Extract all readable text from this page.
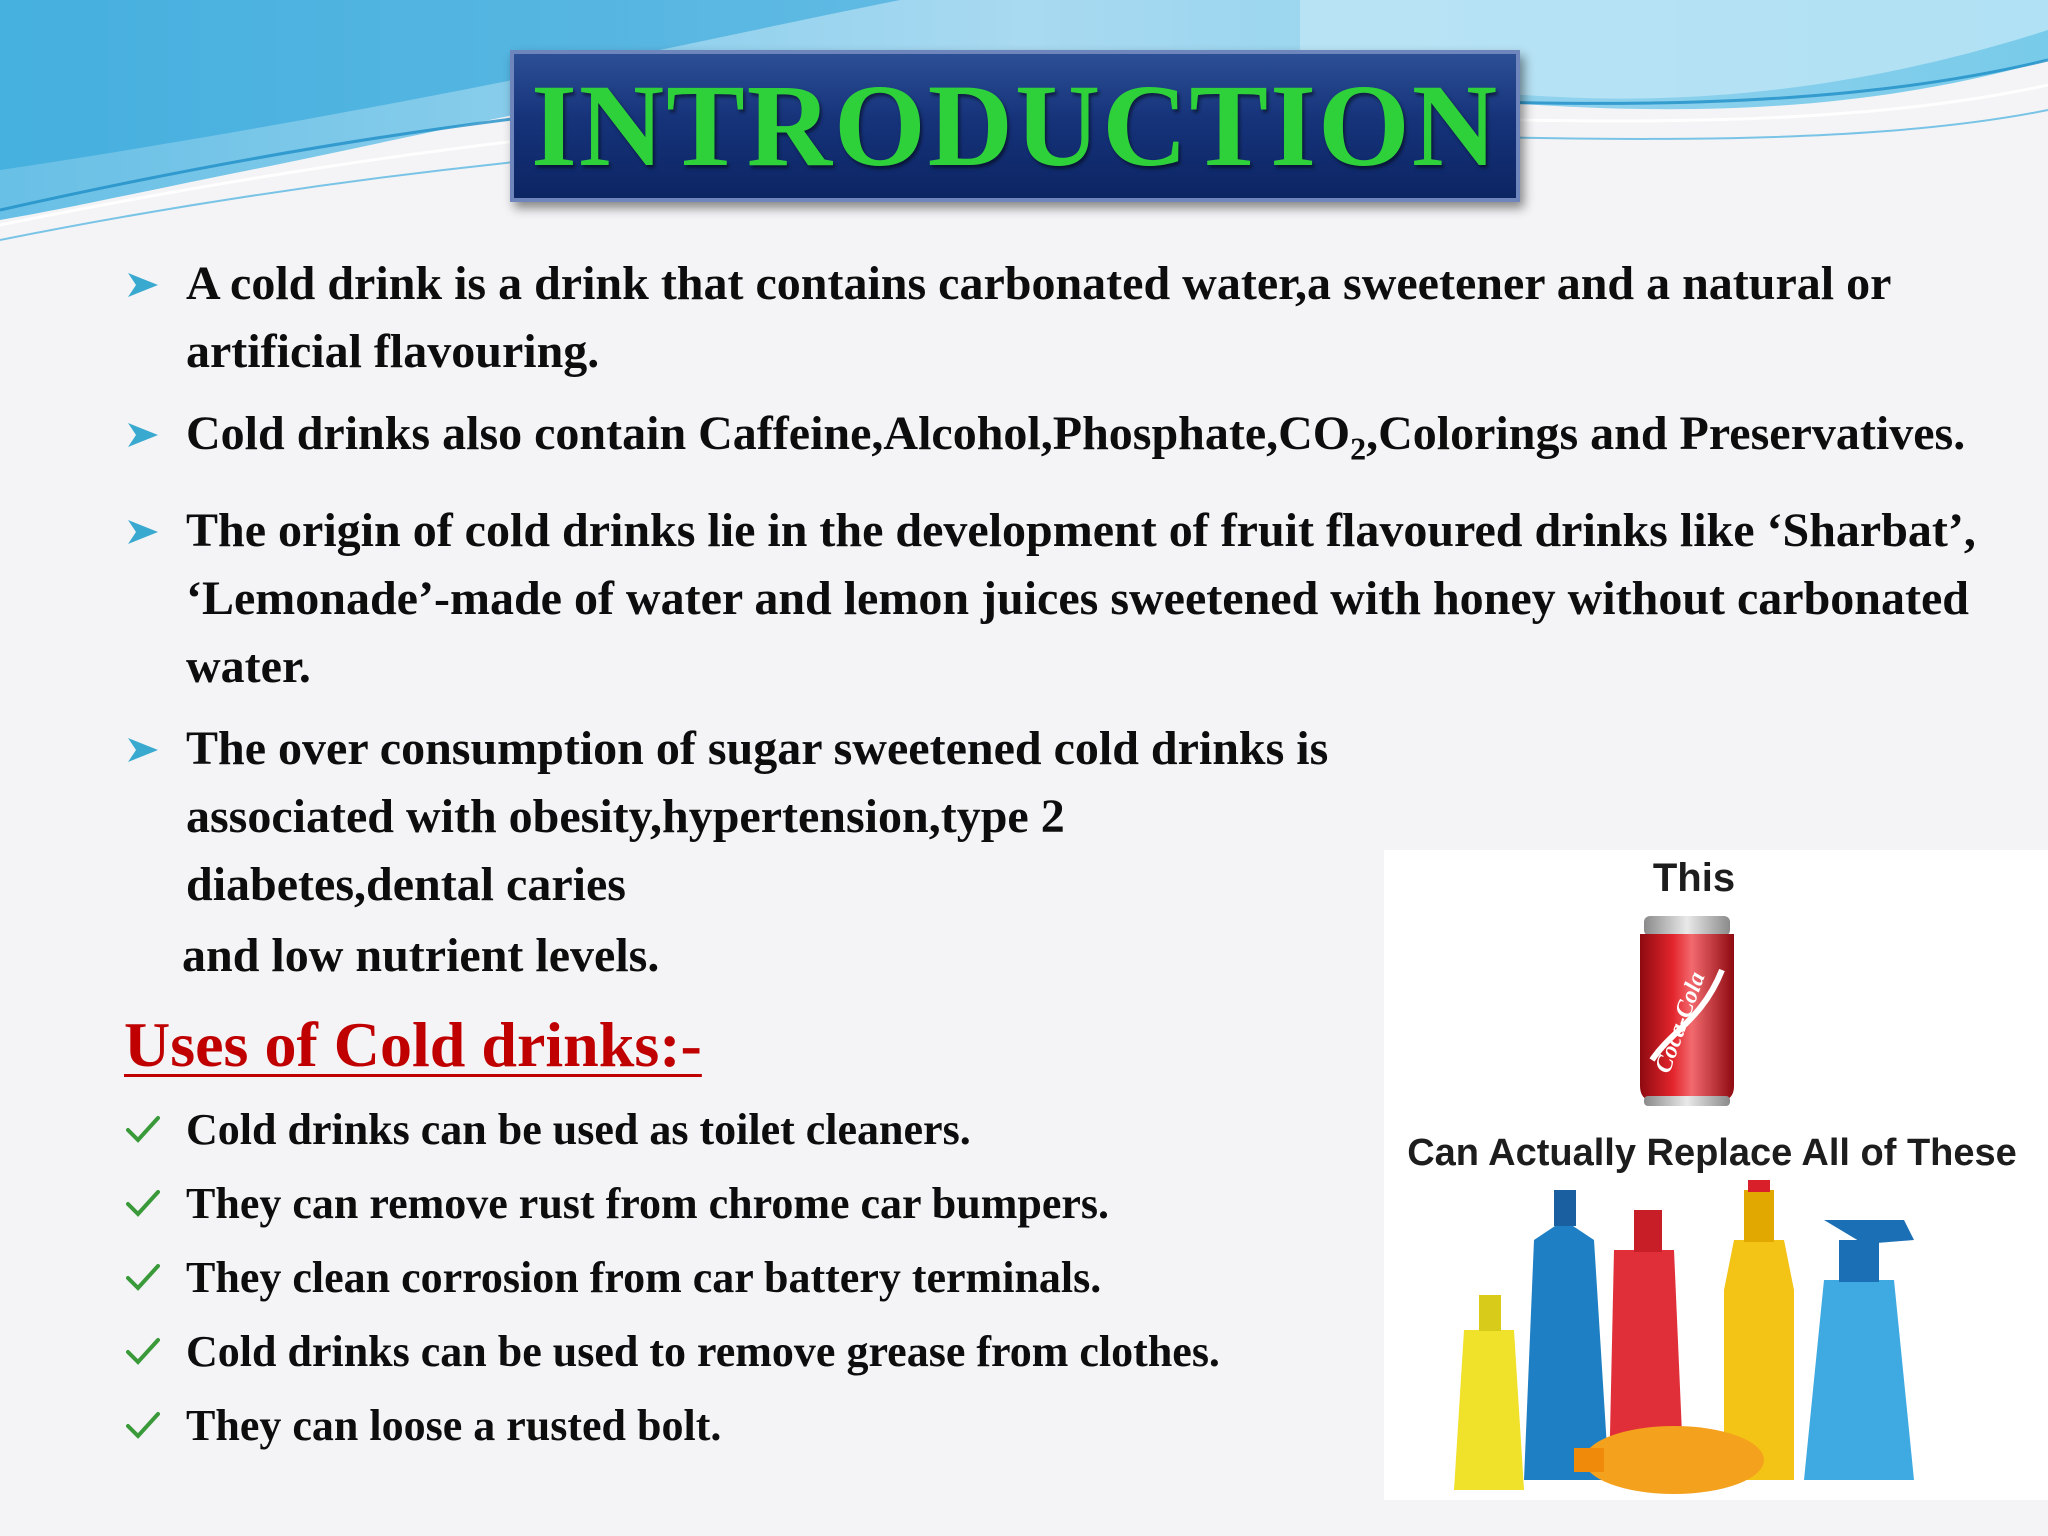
INTRODUCTION
A cold drink is a drink that contains carbonated water,a sweetener and a natural or artificial flavouring.
Cold drinks also contain $Caffeine,Alcohol,Phosphate,CO_2,Colorings$ and Preservatives.
The origin of cold drinks lie in the development of fruit flavoured drinks like ‘Sharbat’, ‘Lemonade’-made of water and lemon juices sweetened with honey without carbonated water.
The over consumption of sugar sweetened cold drinks is associated with obesity,hypertension,type 2 diabetes,dental caries
and low nutrient levels.
Uses of Cold drinks:-
Cold drinks can be used as toilet cleaners.
They can remove rust from chrome car bumpers.
They clean corrosion from car battery terminals.
Cold drinks can be used to remove grease from clothes.
They can loose a rusted bolt.
This
Coca-Cola
Can Actually Replace All of These
